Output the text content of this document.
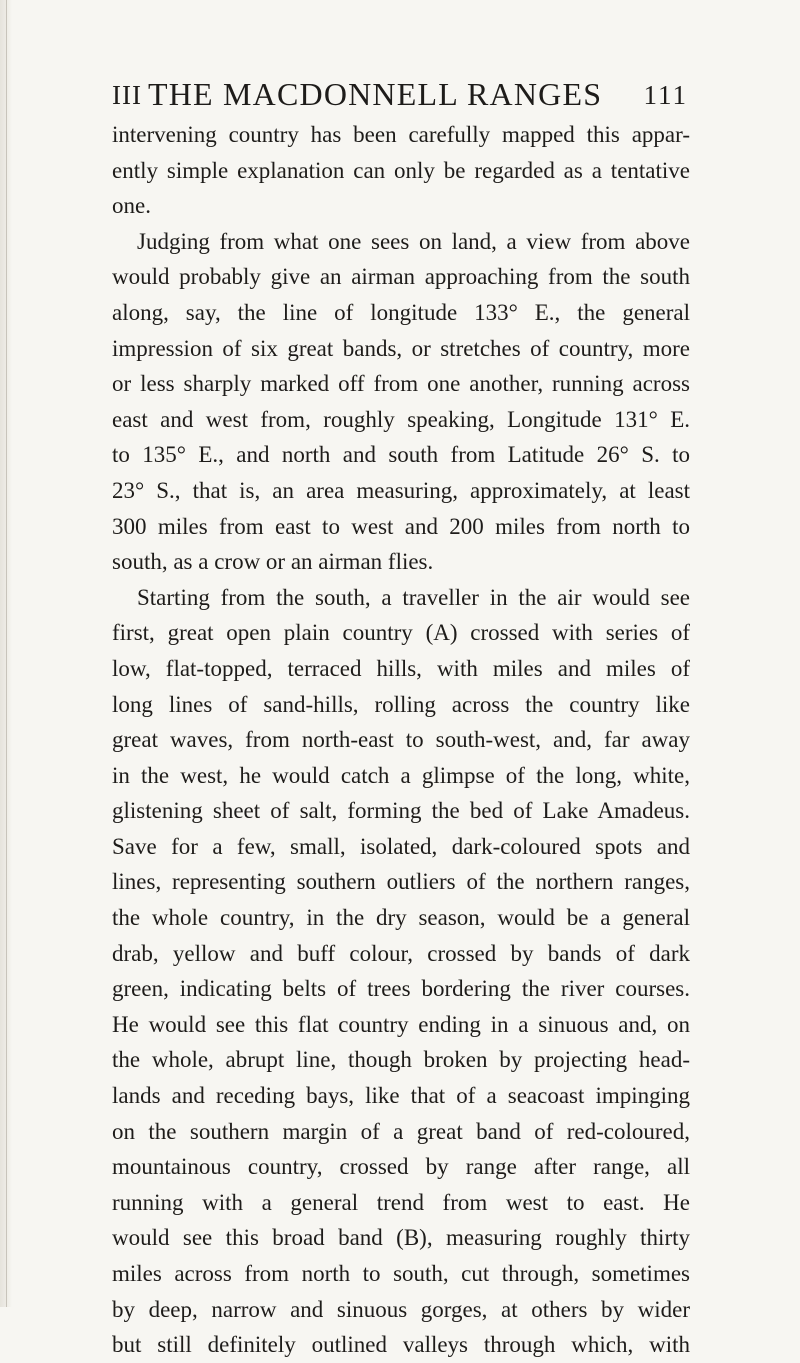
III THE MACDONNELL RANGES 111
intervening country has been carefully mapped this appar-
ently simple explanation can only be regarded as a tentative
one.
Judging from what one sees on land, a view from above
would probably give an airman approaching from the south
along, say, the line of longitude 133° E., the general
impression of six great bands, or stretches of country, more
or less sharply marked off from one another, running across
east and west from, roughly speaking, Longitude 131° E.
to 135° E., and north and south from Latitude 26° S. to
23° S., that is, an area measuring, approximately, at least
300 miles from east to west and 200 miles from north to
south, as a crow or an airman flies.
Starting from the south, a traveller in the air would see
first, great open plain country (A) crossed with series of
low, flat-topped, terraced hills, with miles and miles of
long lines of sand-hills, rolling across the country like
great waves, from north-east to south-west, and, far away
in the west, he would catch a glimpse of the long, white,
glistening sheet of salt, forming the bed of Lake Amadeus.
Save for a few, small, isolated, dark-coloured spots and
lines, representing southern outliers of the northern ranges,
the whole country, in the dry season, would be a general
drab, yellow and buff colour, crossed by bands of dark
green, indicating belts of trees bordering the river courses.
He would see this flat country ending in a sinuous and, on
the whole, abrupt line, though broken by projecting head-
lands and receding bays, like that of a seacoast impinging
on the southern margin of a great band of red-coloured,
mountainous country, crossed by range after range, all
running with a general trend from west to east. He
would see this broad band (B), measuring roughly thirty
miles across from north to south, cut through, sometimes
by deep, narrow and sinuous gorges, at others by wider
but still definitely outlined valleys through which, with
